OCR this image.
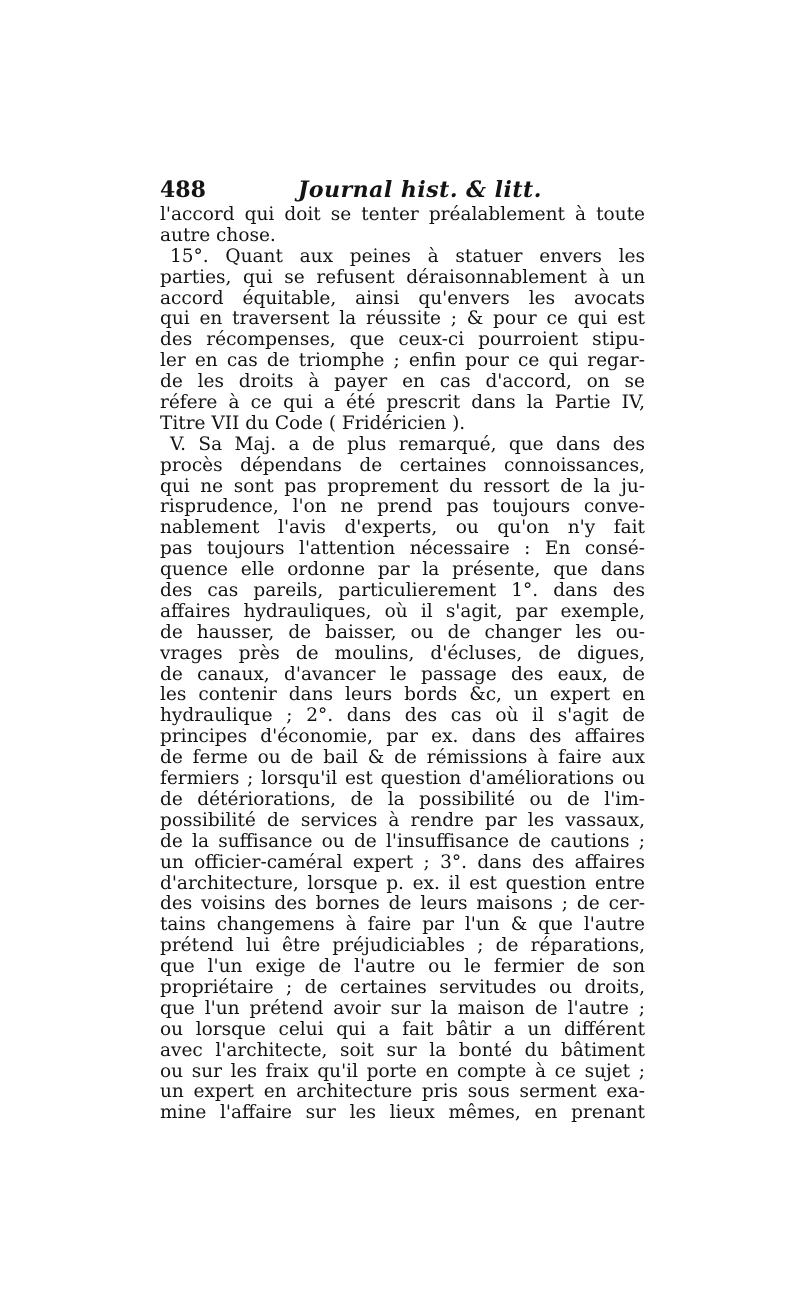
488	Journal hist. & litt.
l'accord qui doit se tenter préalablement à toute
autre chose.
15°. Quant aux peines à statuer envers les
parties, qui se refusent déraisonnablement à un
accord équitable, ainsi qu'envers les avocats
qui en traversent la réussite ; & pour ce qui est
des récompenses, que ceux-ci pourroient stipu-
ler en cas de triomphe ; enfin pour ce qui regar-
de les droits à payer en cas d'accord, on se
réfere à ce qui a été prescrit dans la Partie IV,
Titre VII du Code ( Fridéricien ).
V. Sa Maj. a de plus remarqué, que dans des
procès dépendans de certaines connoissances,
qui ne sont pas proprement du ressort de la ju-
risprudence, l'on ne prend pas toujours conve-
nablement l'avis d'experts, ou qu'on n'y fait
pas toujours l'attention nécessaire : En consé-
quence elle ordonne par la présente, que dans
des cas pareils, particulierement 1°. dans des
affaires hydrauliques, où il s'agit, par exemple,
de hausser, de baisser, ou de changer les ou-
vrages près de moulins, d'écluses, de digues,
de canaux, d'avancer le passage des eaux, de
les contenir dans leurs bords &c, un expert en
hydraulique ; 2°. dans des cas où il s'agit de
principes d'économie, par ex. dans des affaires
de ferme ou de bail & de rémissions à faire aux
fermiers ; lorsqu'il est question d'améliorations ou
de détériorations, de la possibilité ou de l'im-
possibilité de services à rendre par les vassaux,
de la suffisance ou de l'insuffisance de cautions ;
un officier-caméral expert ; 3°. dans des affaires
d'architecture, lorsque p. ex. il est question entre
des voisins des bornes de leurs maisons ; de cer-
tains changemens à faire par l'un & que l'autre
prétend lui être préjudiciables ; de réparations,
que l'un exige de l'autre ou le fermier de son
propriétaire ; de certaines servitudes ou droits,
que l'un prétend avoir sur la maison de l'autre ;
ou lorsque celui qui a fait bâtir a un différent
avec l'architecte, soit sur la bonté du bâtiment
ou sur les fraix qu'il porte en compte à ce sujet ;
un expert en architecture pris sous serment exa-
mine l'affaire sur les lieux mêmes, en prenant
